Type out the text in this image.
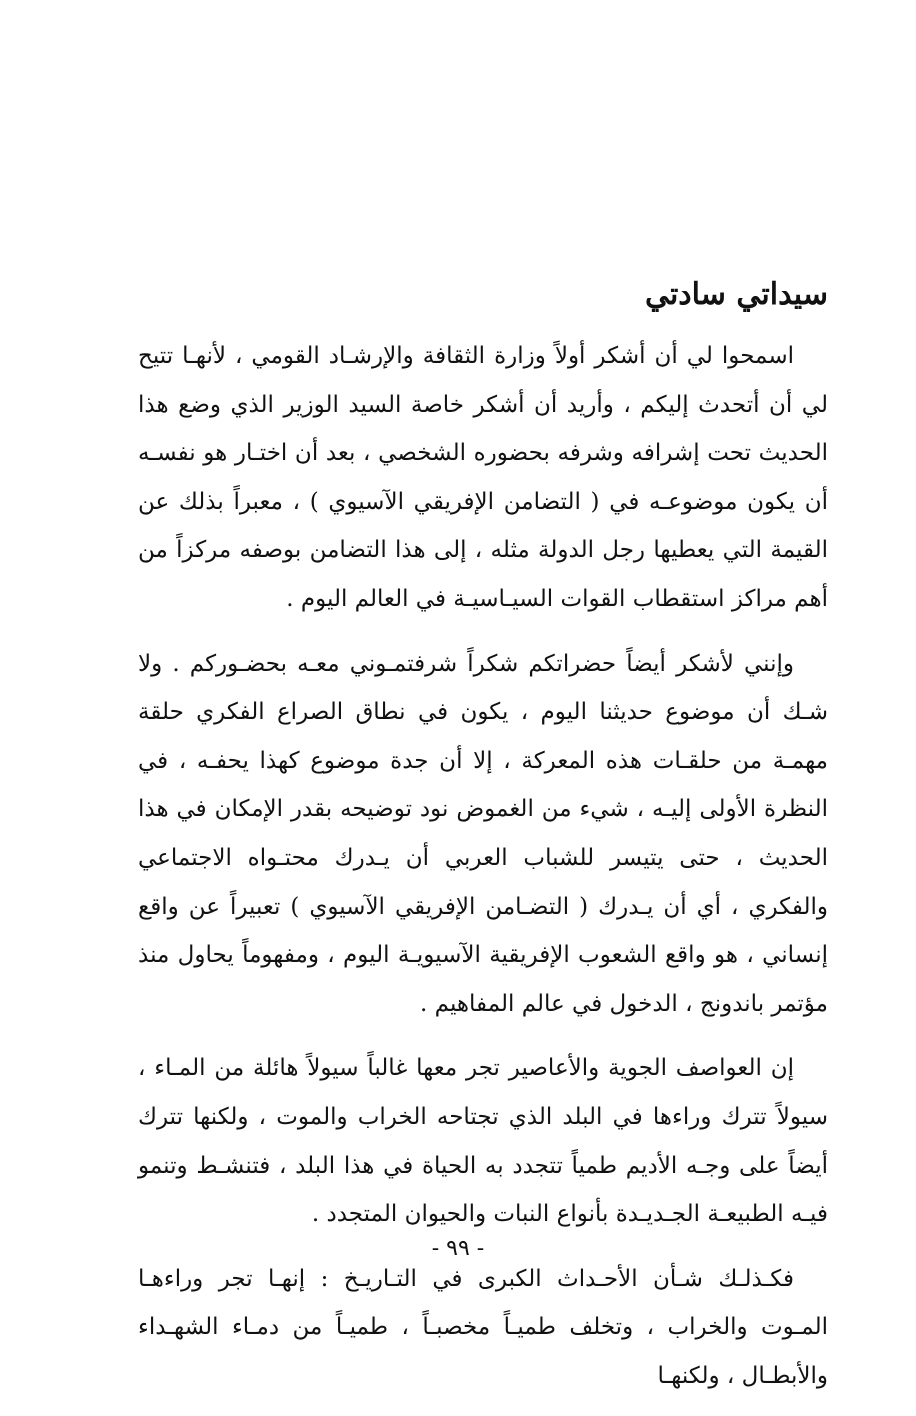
سيداتي سادتي

اسمحوا لي أن أشكر أولاً وزارة الثقافة والإرشـاد القومي ، لأنهـا تتيح لي أن أتحدث إليكم ، وأريد أن أشكر خاصة السيد الوزير الذي وضع هذا الحديث تحت إشرافه وشرفه بحضوره الشخصي ، بعد أن اختـار هو نفسـه أن يكون موضوعـه في ( التضامن الإفريقي الآسيوي ) ، معبراً بذلك عن القيمة التي يعطيها رجل الدولة مثله ، إلى هذا التضامن بوصفه مركزاً من أهم مراكز استقطاب القوات السيـاسيـة في العالم اليوم .

وإنني لأشكر أيضاً حضراتكم شكراً شرفتمـوني معـه بحضـوركم . ولا شـك أن موضوع حديثنا اليوم ، يكون في نطاق الصراع الفكري حلقة مهمـة من حلقـات هذه المعركة ، إلا أن جدة موضوع كهذا يحفـه ، في النظرة الأولى إليـه ، شيء من الغموض نود توضيحه بقدر الإمكان في هذا الحديث ، حتى يتيسر للشباب العربي أن يـدرك محتـواه الاجتماعي والفكري ، أي أن يـدرك ( التضـامن الإفريقي الآسيوي ) تعبيراً عن واقع إنساني ، هو واقع الشعوب الإفريقية الآسيويـة اليوم ، ومفهوماً يحاول منذ مؤتمر باندونج ، الدخول في عالم المفاهيم .

إن العواصف الجوية والأعاصير تجر معها غالباً سيولاً هائلة من المـاء ، سيولاً تترك وراءها في البلد الذي تجتاحه الخراب والموت ، ولكنها تترك أيضاً على وجـه الأديم طمياً تتجدد به الحياة في هذا البلد ، فتنشـط وتنمو فيـه الطبيعـة الجـديـدة بأنواع النبات والحيوان المتجدد .

فكـذلـك شـأن الأحـداث الكبرى في التـاريـخ : إنهـا تجر وراءهـا المـوت والخراب ، وتخلف طميـاً مخصبـاً ، طميـاً من دمـاء الشهـداء والأبطـال ، ولكنهـا

- ٩٩ -
